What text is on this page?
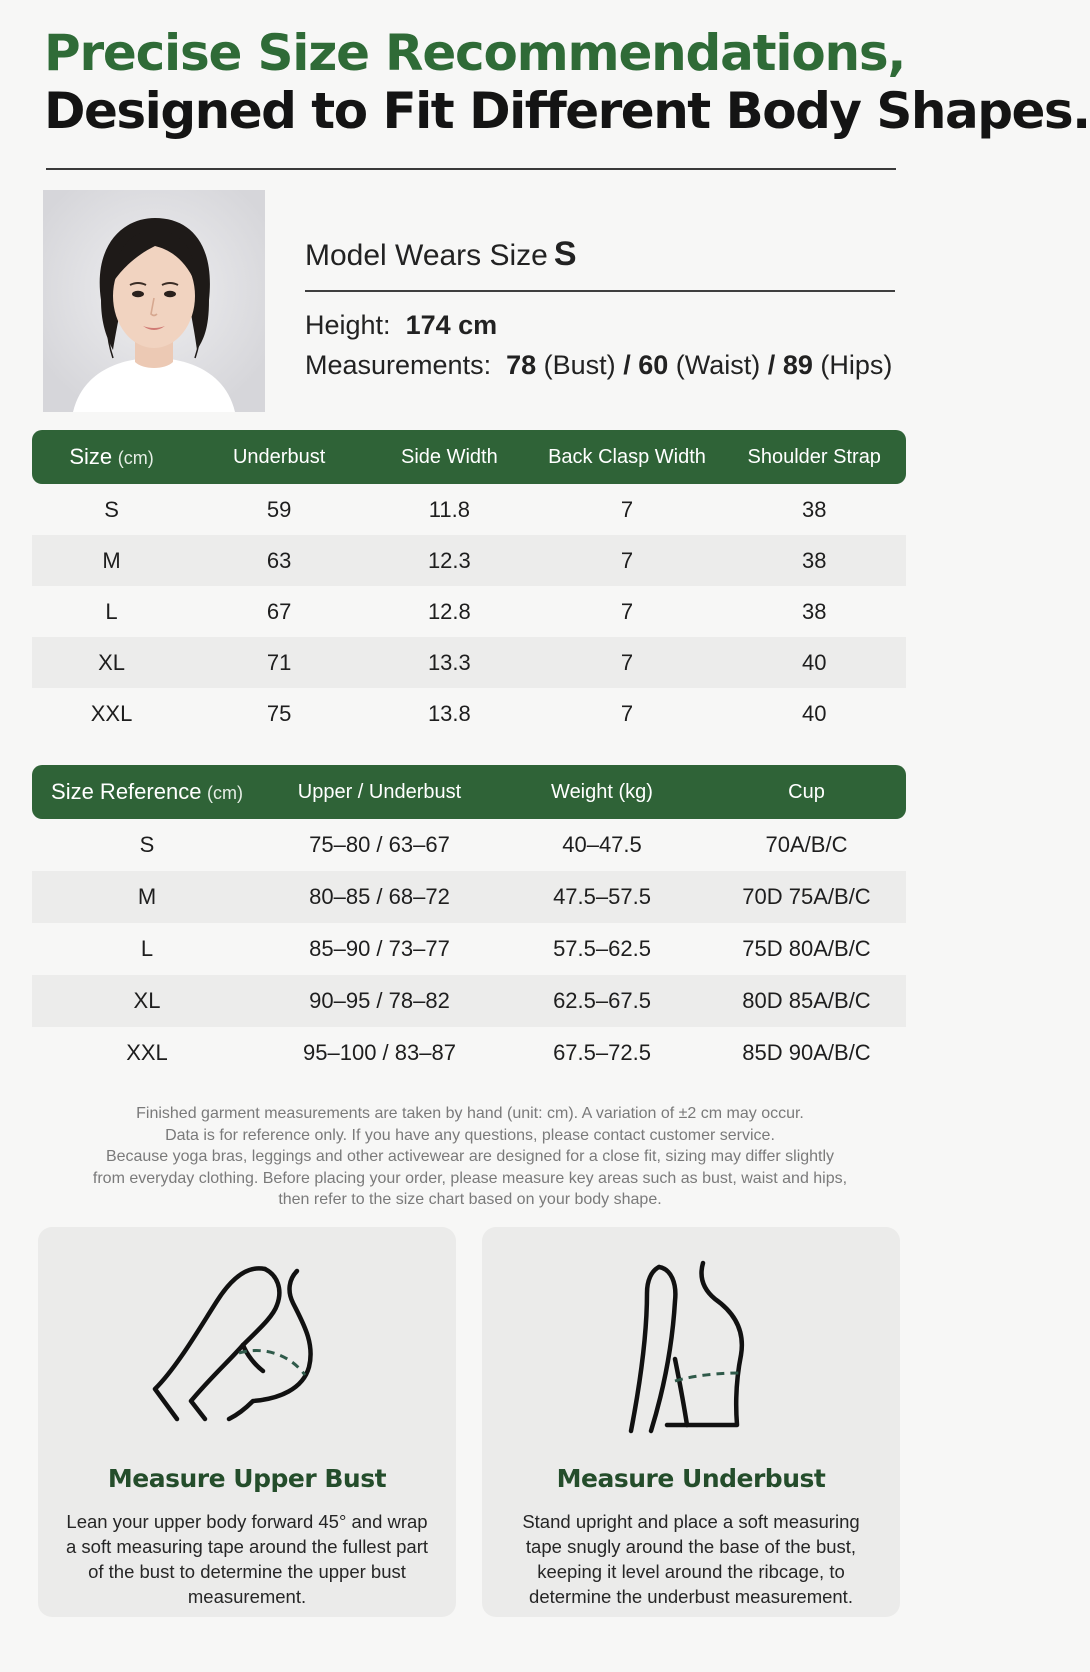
Precise Size Recommendations,
Designed to Fit Different Body Shapes.
Model Wears Size S
Height: 174 cm
Measurements: 78 (Bust) / 60 (Waist) / 89 (Hips)
Size (cm)	Underbust	Side Width	Back Clasp Width	Shoulder Strap
S	59	11.8	7	38
M	63	12.3	7	38
L	67	12.8	7	38
XL	71	13.3	7	40
XXL	75	13.8	7	40
Size Reference (cm)	Upper / Underbust	Weight (kg)	Cup
S	75–80 / 63–67	40–47.5	70A/B/C
M	80–85 / 68–72	47.5–57.5	70D 75A/B/C
L	85–90 / 73–77	57.5–62.5	75D 80A/B/C
XL	90–95 / 78–82	62.5–67.5	80D 85A/B/C
XXL	95–100 / 83–87	67.5–72.5	85D 90A/B/C
Finished garment measurements are taken by hand (unit: cm). A variation of ±2 cm may occur.
Data is for reference only. If you have any questions, please contact customer service.
Because yoga bras, leggings and other activewear are designed for a close fit, sizing may differ slightly
from everyday clothing. Before placing your order, please measure key areas such as bust, waist and hips,
then refer to the size chart based on your body shape.
Measure Upper Bust
Lean your upper body forward 45° and wrap
a soft measuring tape around the fullest part
of the bust to determine the upper bust
measurement.
Measure Underbust
Stand upright and place a soft measuring
tape snugly around the base of the bust,
keeping it level around the ribcage, to
determine the underbust measurement.
